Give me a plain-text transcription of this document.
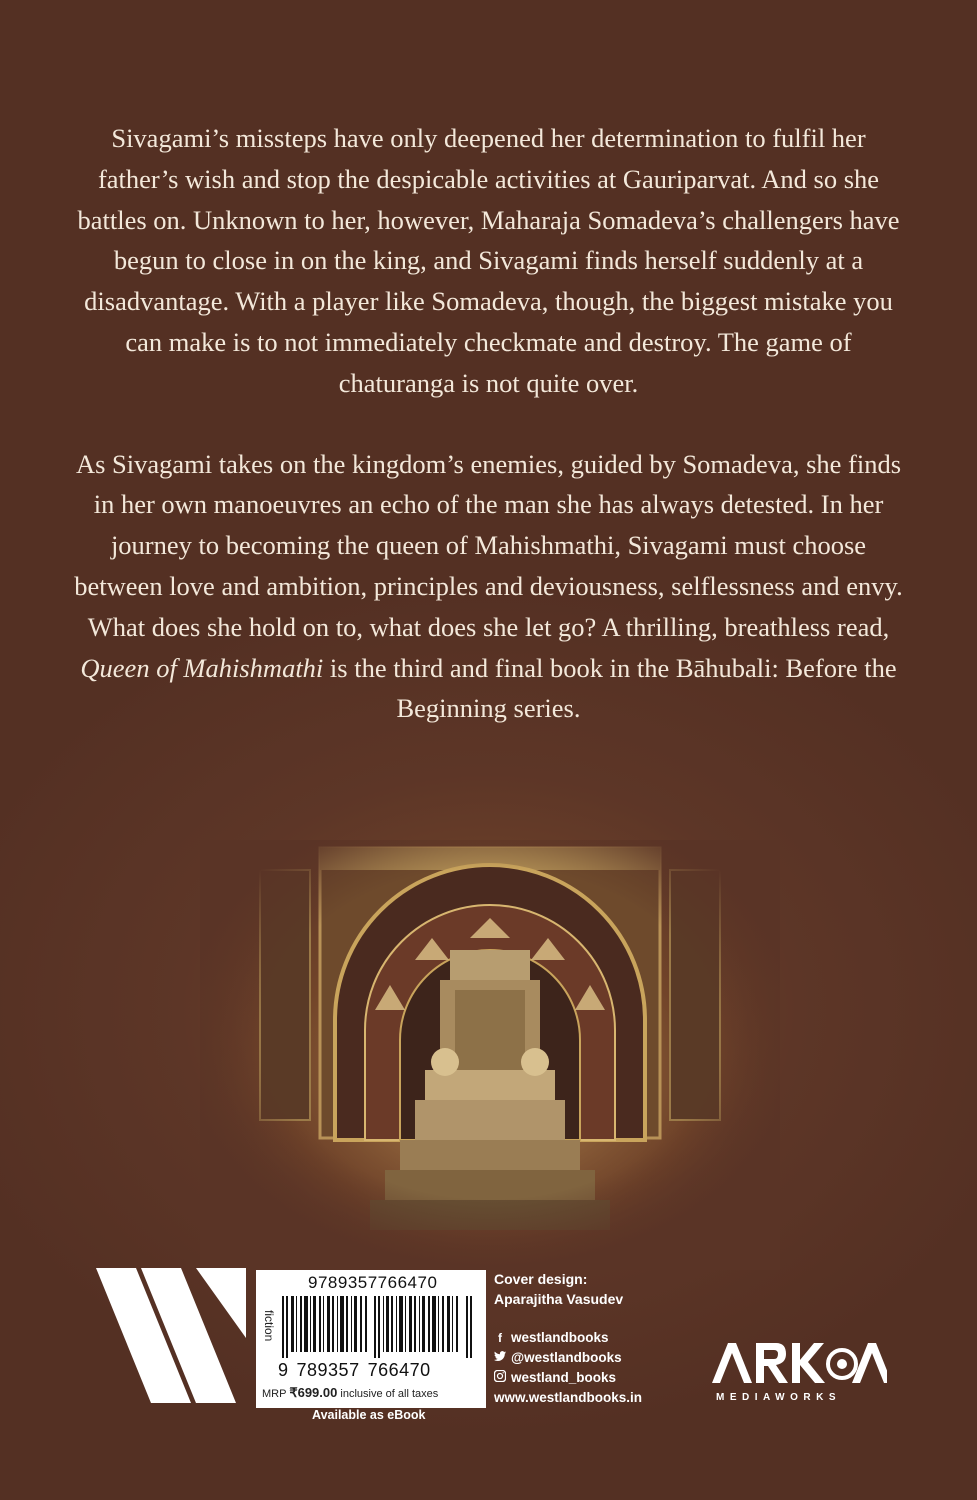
Sivagami’s missteps have only deepened her determination to fulfil her father’s wish and stop the despicable activities at Gauriparvat. And so she battles on. Unknown to her, however, Maharaja Somadeva’s challengers have begun to close in on the king, and Sivagami finds herself suddenly at a disadvantage. With a player like Somadeva, though, the biggest mistake you can make is to not immediately checkmate and destroy. The game of chaturanga is not quite over.

As Sivagami takes on the kingdom’s enemies, guided by Somadeva, she finds in her own manoeuvres an echo of the man she has always detested. In her journey to becoming the queen of Mahishmathi, Sivagami must choose between love and ambition, principles and deviousness, selflessness and envy. What does she hold on to, what does she let go? A thrilling, breathless read, Queen of Mahishmathi is the third and final book in the Bāhubali: Before the Beginning series.

9789357766470
fiction
9 789357 766470
MRP ₹699.00 inclusive of all taxes
Available as eBook
Cover design:
Aparajitha Vasudev
f westlandbooks
@westlandbooks
westland_books
www.westlandbooks.in	MEDIAWORKS
